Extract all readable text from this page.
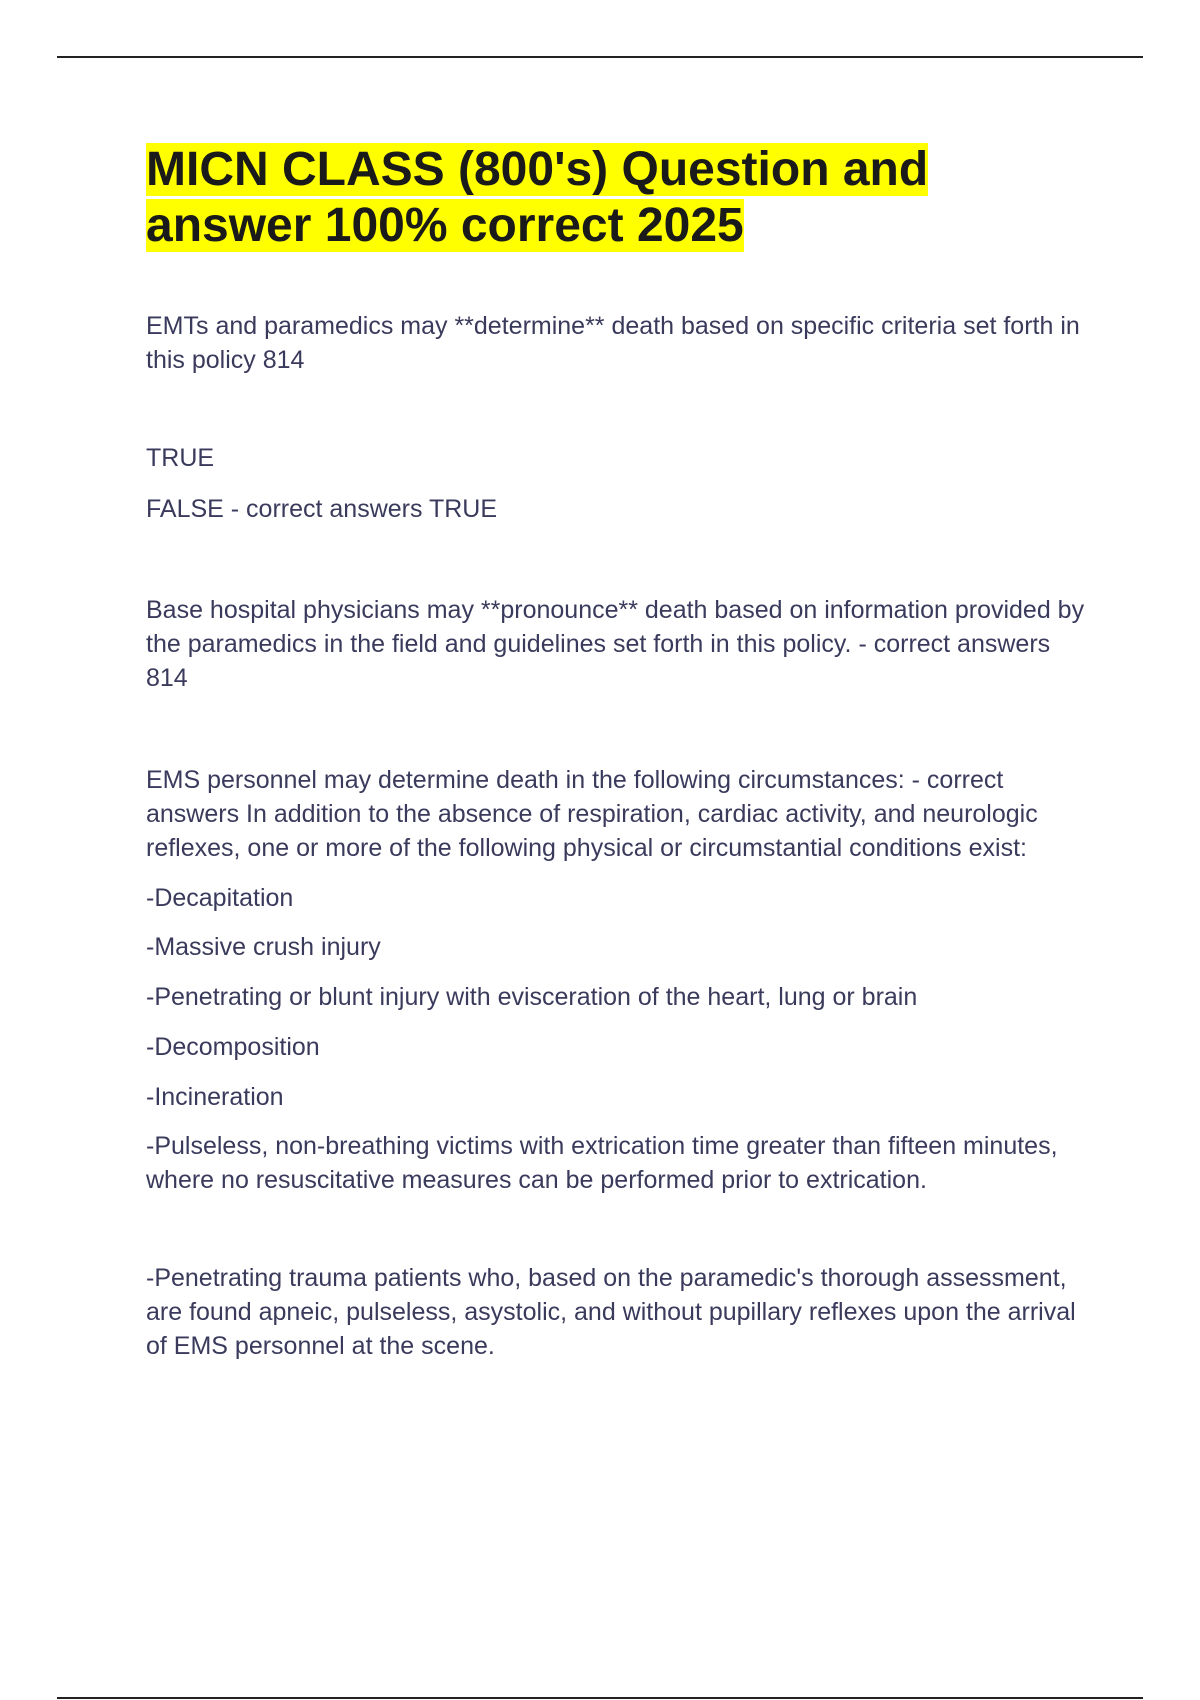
MICN CLASS (800's) Question and
answer 100% correct 2025

EMTs and paramedics may **determine** death based on specific criteria set forth in this policy 814

TRUE

FALSE - correct answers TRUE

Base hospital physicians may **pronounce** death based on information provided by the paramedics in the field and guidelines set forth in this policy. - correct answers 814

EMS personnel may determine death in the following circumstances: - correct answers In addition to the absence of respiration, cardiac activity, and neurologic reflexes, one or more of the following physical or circumstantial conditions exist:

-Decapitation

-Massive crush injury

-Penetrating or blunt injury with evisceration of the heart, lung or brain

-Decomposition

-Incineration

-Pulseless, non-breathing victims with extrication time greater than fifteen minutes, where no resuscitative measures can be performed prior to extrication.

-Penetrating trauma patients who, based on the paramedic's thorough assessment, are found apneic, pulseless, asystolic, and without pupillary reflexes upon the arrival of EMS personnel at the scene.
